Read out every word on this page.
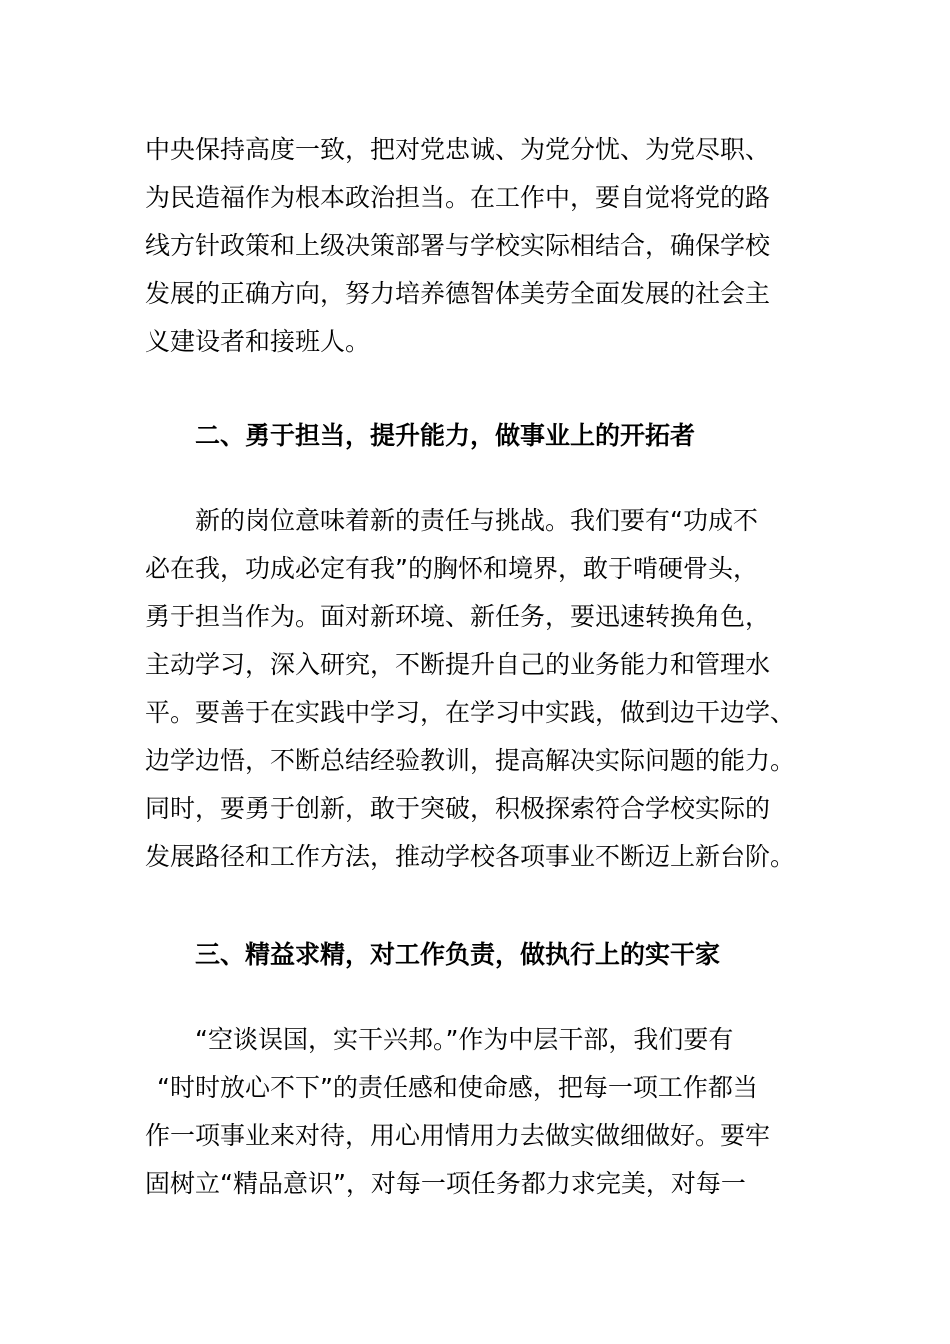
中央保持高度一致，把对党忠诚、为党分忧、为党尽职、
为民造福作为根本政治担当。在工作中，要自觉将党的路
线方针政策和上级决策部署与学校实际相结合，确保学校
发展的正确方向，努力培养德智体美劳全面发展的社会主
义建设者和接班人。

二、勇于担当，提升能力，做事业上的开拓者

新的岗位意味着新的责任与挑战。我们要有“功成不
必在我，功成必定有我”的胸怀和境界，敢于啃硬骨头，
勇于担当作为。面对新环境、新任务，要迅速转换角色，
主动学习，深入研究，不断提升自己的业务能力和管理水
平。要善于在实践中学习，在学习中实践，做到边干边学、
边学边悟，不断总结经验教训，提高解决实际问题的能力。
同时，要勇于创新，敢于突破，积极探索符合学校实际的
发展路径和工作方法，推动学校各项事业不断迈上新台阶。

三、精益求精，对工作负责，做执行上的实干家

“空谈误国，实干兴邦。”作为中层干部，我们要有
“时时放心不下”的责任感和使命感，把每一项工作都当
作一项事业来对待，用心用情用力去做实做细做好。要牢
固树立“精品意识”，对每一项任务都力求完美，对每一
